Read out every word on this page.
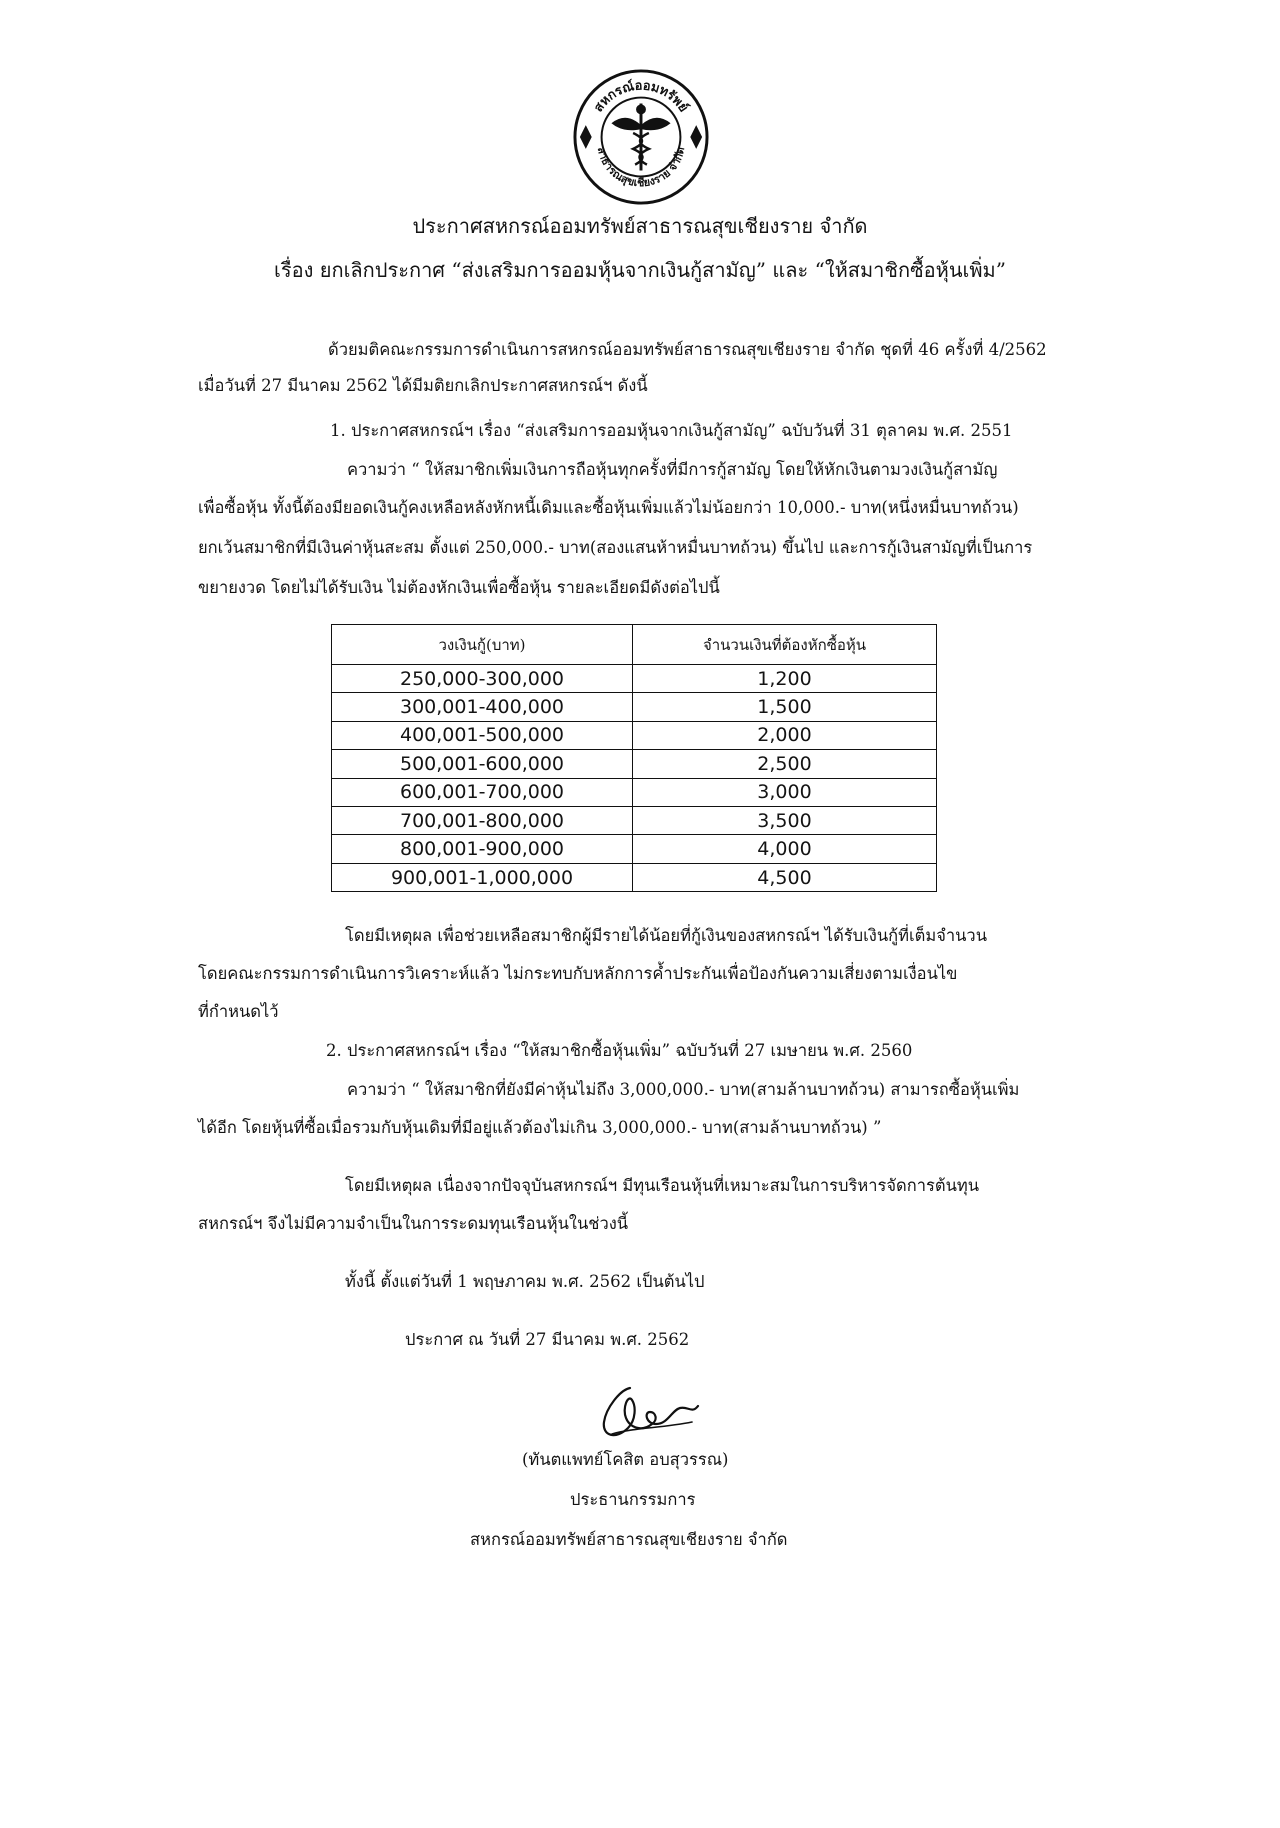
สหกรณ์ออมทรัพย์
สาธารณสุขเชียงราย จำกัด
ประกาศสหกรณ์ออมทรัพย์สาธารณสุขเชียงราย จำกัด
เรื่อง ยกเลิกประกาศ “ส่งเสริมการออมหุ้นจากเงินกู้สามัญ” และ “ให้สมาชิกซื้อหุ้นเพิ่ม”
ด้วยมติคณะกรรมการดำเนินการสหกรณ์ออมทรัพย์สาธารณสุขเชียงราย จำกัด ชุดที่ 46 ครั้งที่ 4/2562
เมื่อวันที่ 27 มีนาคม 2562 ได้มีมติยกเลิกประกาศสหกรณ์ฯ ดังนี้
1. ประกาศสหกรณ์ฯ เรื่อง “ส่งเสริมการออมหุ้นจากเงินกู้สามัญ” ฉบับวันที่ 31 ตุลาคม พ.ศ. 2551
ความว่า “ ให้สมาชิกเพิ่มเงินการถือหุ้นทุกครั้งที่มีการกู้สามัญ โดยให้หักเงินตามวงเงินกู้สามัญ
เพื่อซื้อหุ้น ทั้งนี้ต้องมียอดเงินกู้คงเหลือหลังหักหนี้เดิมและซื้อหุ้นเพิ่มแล้วไม่น้อยกว่า 10,000.- บาท(หนึ่งหมื่นบาทถ้วน)
ยกเว้นสมาชิกที่มีเงินค่าหุ้นสะสม ตั้งแต่ 250,000.- บาท(สองแสนห้าหมื่นบาทถ้วน) ขึ้นไป และการกู้เงินสามัญที่เป็นการ
ขยายงวด โดยไม่ได้รับเงิน ไม่ต้องหักเงินเพื่อซื้อหุ้น รายละเอียดมีดังต่อไปนี้
วงเงินกู้(บาท)	จำนวนเงินที่ต้องหักซื้อหุ้น
250,000-300,000	1,200
300,001-400,000	1,500
400,001-500,000	2,000
500,001-600,000	2,500
600,001-700,000	3,000
700,001-800,000	3,500
800,001-900,000	4,000
900,001-1,000,000	4,500
โดยมีเหตุผล เพื่อช่วยเหลือสมาชิกผู้มีรายได้น้อยที่กู้เงินของสหกรณ์ฯ ได้รับเงินกู้ที่เต็มจำนวน
โดยคณะกรรมการดำเนินการวิเคราะห์แล้ว ไม่กระทบกับหลักการค้ำประกันเพื่อป้องกันความเสี่ยงตามเงื่อนไข
ที่กำหนดไว้
2. ประกาศสหกรณ์ฯ เรื่อง “ให้สมาชิกซื้อหุ้นเพิ่ม” ฉบับวันที่ 27 เมษายน พ.ศ. 2560
ความว่า “ ให้สมาชิกที่ยังมีค่าหุ้นไม่ถึง 3,000,000.- บาท(สามล้านบาทถ้วน) สามารถซื้อหุ้นเพิ่ม
ได้อีก โดยหุ้นที่ซื้อเมื่อรวมกับหุ้นเดิมที่มีอยู่แล้วต้องไม่เกิน 3,000,000.- บาท(สามล้านบาทถ้วน) ”
โดยมีเหตุผล เนื่องจากปัจจุบันสหกรณ์ฯ มีทุนเรือนหุ้นที่เหมาะสมในการบริหารจัดการต้นทุน
สหกรณ์ฯ จึงไม่มีความจำเป็นในการระดมทุนเรือนหุ้นในช่วงนี้
ทั้งนี้ ตั้งแต่วันที่ 1 พฤษภาคม พ.ศ. 2562 เป็นต้นไป
ประกาศ ณ วันที่ 27 มีนาคม พ.ศ. 2562
(ทันตแพทย์โคสิต อบสุวรรณ)
ประธานกรรมการ
สหกรณ์ออมทรัพย์สาธารณสุขเชียงราย จำกัด
